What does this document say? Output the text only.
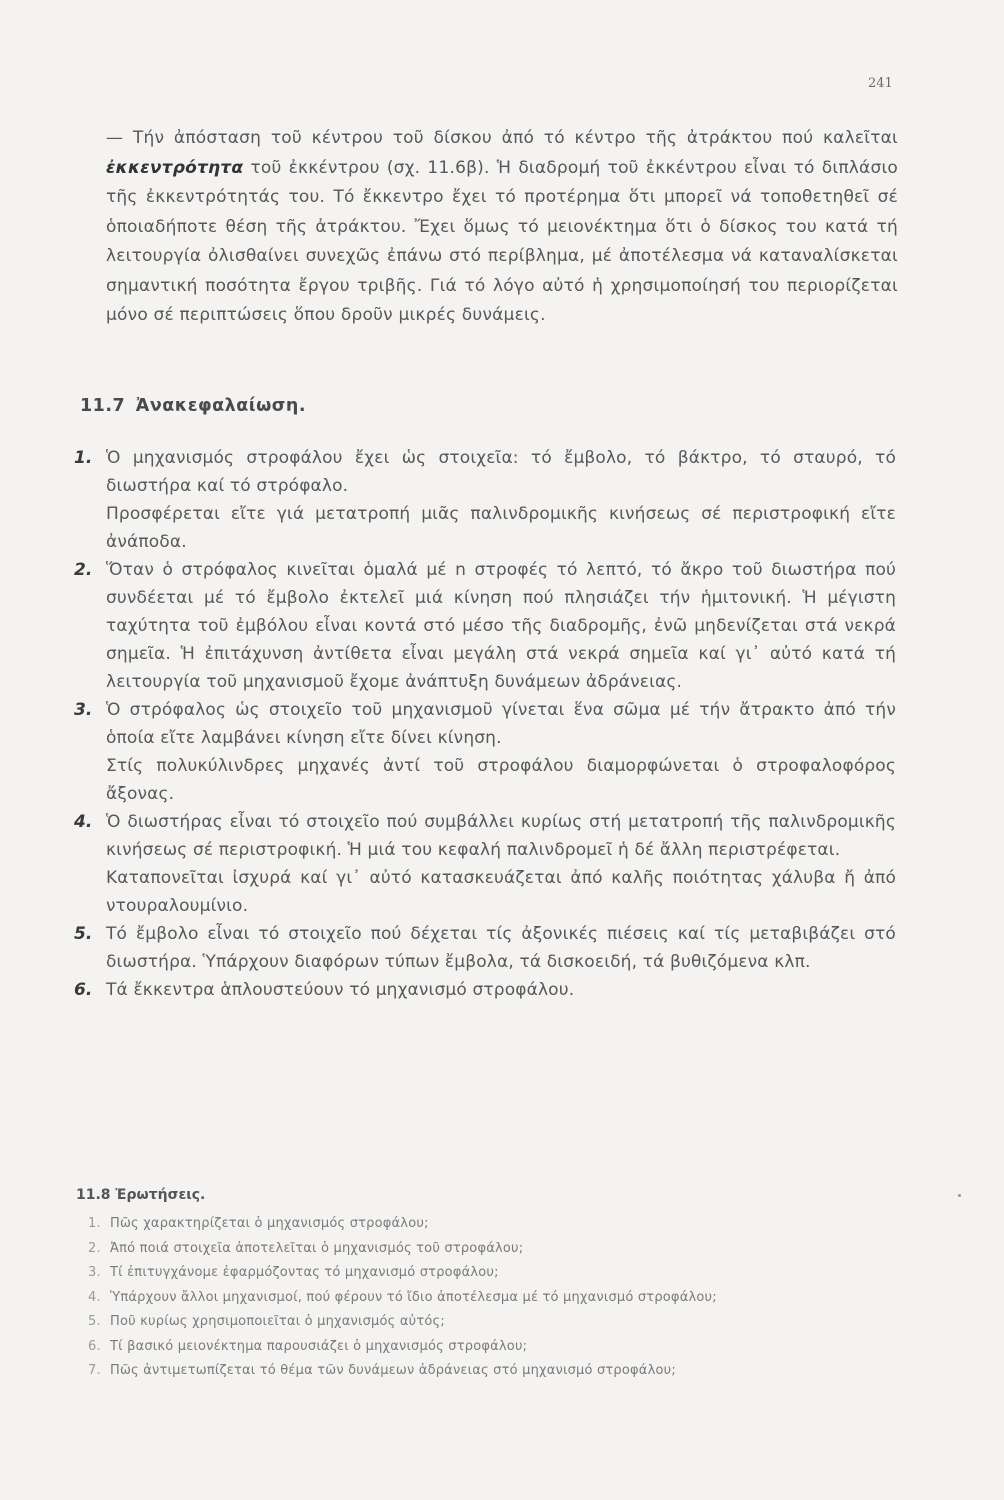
241
— Τήν ἀπόσταση τοῦ κέντρου τοῦ δίσκου ἀπό τό κέντρο τῆς ἀτράκτου πού καλεῖται ἐκκεντρότητα τοῦ ἐκκέντρου (σχ. 11.6β). Ἡ διαδρομή τοῦ ἐκκέντρου εἶναι τό διπλάσιο τῆς ἐκκεντρότητάς του. Τό ἔκκεντρο ἔχει τό προτέρημα ὅτι μπορεῖ νά τοποθετηθεῖ σέ ὁποιαδήποτε θέση τῆς ἀτράκτου. Ἔχει ὅμως τό μειονέκτημα ὅτι ὁ δίσκος του κατά τή λειτουργία ὀλισθαίνει συνεχῶς ἐπάνω στό περίβλημα, μέ ἀποτέλεσμα νά καταναλίσκεται σημαντική ποσότητα ἔργου τριβῆς. Γιά τό λόγο αὐτό ἡ χρησιμοποίησή του περιορίζεται μόνο σέ περιπτώσεις ὅπου δροῦν μικρές δυνάμεις.
11.7 Ἀνακεφαλαίωση.
1. Ὁ μηχανισμός στροφάλου ἔχει ὡς στοιχεῖα: τό ἔμβολο, τό βάκτρο, τό σταυρό, τό διωστήρα καί τό στρόφαλο.

Προσφέρεται εἴτε γιά μετατροπή μιᾶς παλινδρομικῆς κινήσεως σέ περιστροφική εἴτε ἀνάποδα.

2. Ὅταν ὁ στρόφαλος κινεῖται ὁμαλά μέ n στροφές τό λεπτό, τό ἄκρο τοῦ διωστήρα πού συνδέεται μέ τό ἔμβολο ἐκτελεῖ μιά κίνηση πού πλησιάζει τήν ἡμιτονική. Ἡ μέγιστη ταχύτητα τοῦ ἐμβόλου εἶναι κοντά στό μέσο τῆς διαδρομῆς, ἐνῶ μηδενίζεται στά νεκρά σημεῖα. Ἡ ἐπιτάχυνση ἀντίθετα εἶναι μεγάλη στά νεκρά σημεῖα καί γι᾿ αὐτό κατά τή λειτουργία τοῦ μηχανισμοῦ ἔχομε ἀνάπτυξη δυνάμεων ἀδράνειας.

3. Ὁ στρόφαλος ὡς στοιχεῖο τοῦ μηχανισμοῦ γίνεται ἕνα σῶμα μέ τήν ἄτρακτο ἀπό τήν ὁποία εἴτε λαμβάνει κίνηση εἴτε δίνει κίνηση.

Στίς πολυκύλινδρες μηχανές ἀντί τοῦ στροφάλου διαμορφώνεται ὁ στροφαλοφόρος ἄξονας.

4. Ὁ διωστήρας εἶναι τό στοιχεῖο πού συμβάλλει κυρίως στή μετατροπή τῆς παλινδρομικῆς κινήσεως σέ περιστροφική. Ἡ μιά του κεφαλή παλινδρομεῖ ἡ δέ ἄλλη περιστρέφεται.

Καταπονεῖται ἰσχυρά καί γι᾿ αὐτό κατασκευάζεται ἀπό καλῆς ποιότητας χάλυβα ἤ ἀπό ντουραλουμίνιο.

5. Τό ἔμβολο εἶναι τό στοιχεῖο πού δέχεται τίς ἀξονικές πιέσεις καί τίς μεταβιβάζει στό διωστήρα. Ὑπάρχουν διαφόρων τύπων ἔμβολα, τά δισκοειδή, τά βυθιζόμενα κλπ.

6. Τά ἔκκεντρα ἁπλουστεύουν τό μηχανισμό στροφάλου.

11.8 Ἐρωτήσεις.
1. Πῶς χαρακτηρίζεται ὁ μηχανισμός στροφάλου;
2. Ἀπό ποιά στοιχεῖα ἀποτελεῖται ὁ μηχανισμός τοῦ στροφάλου;
3. Τί ἐπιτυγχάνομε ἐφαρμόζοντας τό μηχανισμό στροφάλου;
4. Ὑπάρχουν ἄλλοι μηχανισμοί, πού φέρουν τό ἴδιο ἀποτέλεσμα μέ τό μηχανισμό στροφάλου;
5. Ποῦ κυρίως χρησιμοποιεῖται ὁ μηχανισμός αὐτός;
6. Τί βασικό μειονέκτημα παρουσιάζει ὁ μηχανισμός στροφάλου;
7. Πῶς ἀντιμετωπίζεται τό θέμα τῶν δυνάμεων ἀδράνειας στό μηχανισμό στροφάλου;
